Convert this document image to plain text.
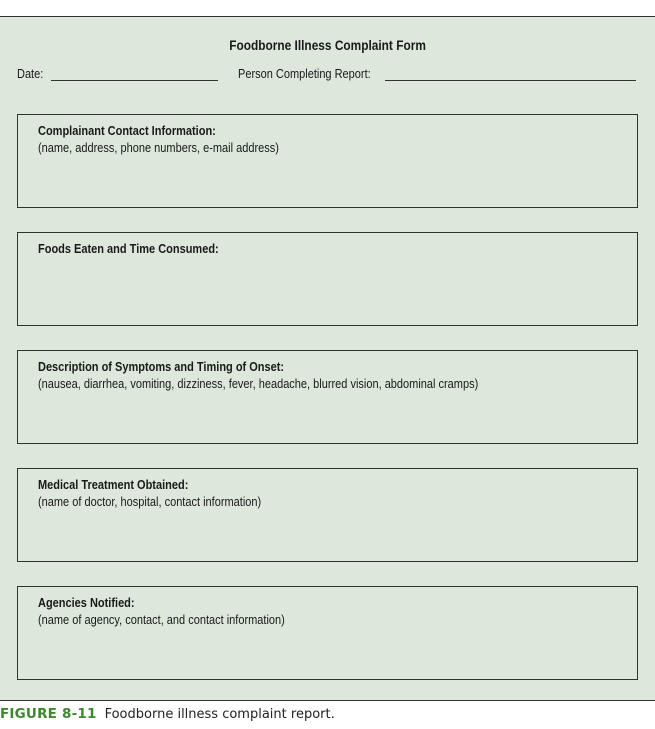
Foodborne Illness Complaint Form
Date:	Person Completing Report:
Complainant Contact Information:
(name, address, phone numbers, e-mail address)
Foods Eaten and Time Consumed:
Description of Symptoms and Timing of Onset:
(nausea, diarrhea, vomiting, dizziness, fever, headache, blurred vision, abdominal cramps)
Medical Treatment Obtained:
(name of doctor, hospital, contact information)
Agencies Notified:
(name of agency, contact, and contact information)
FIGURE 8-11 Foodborne illness complaint report.
